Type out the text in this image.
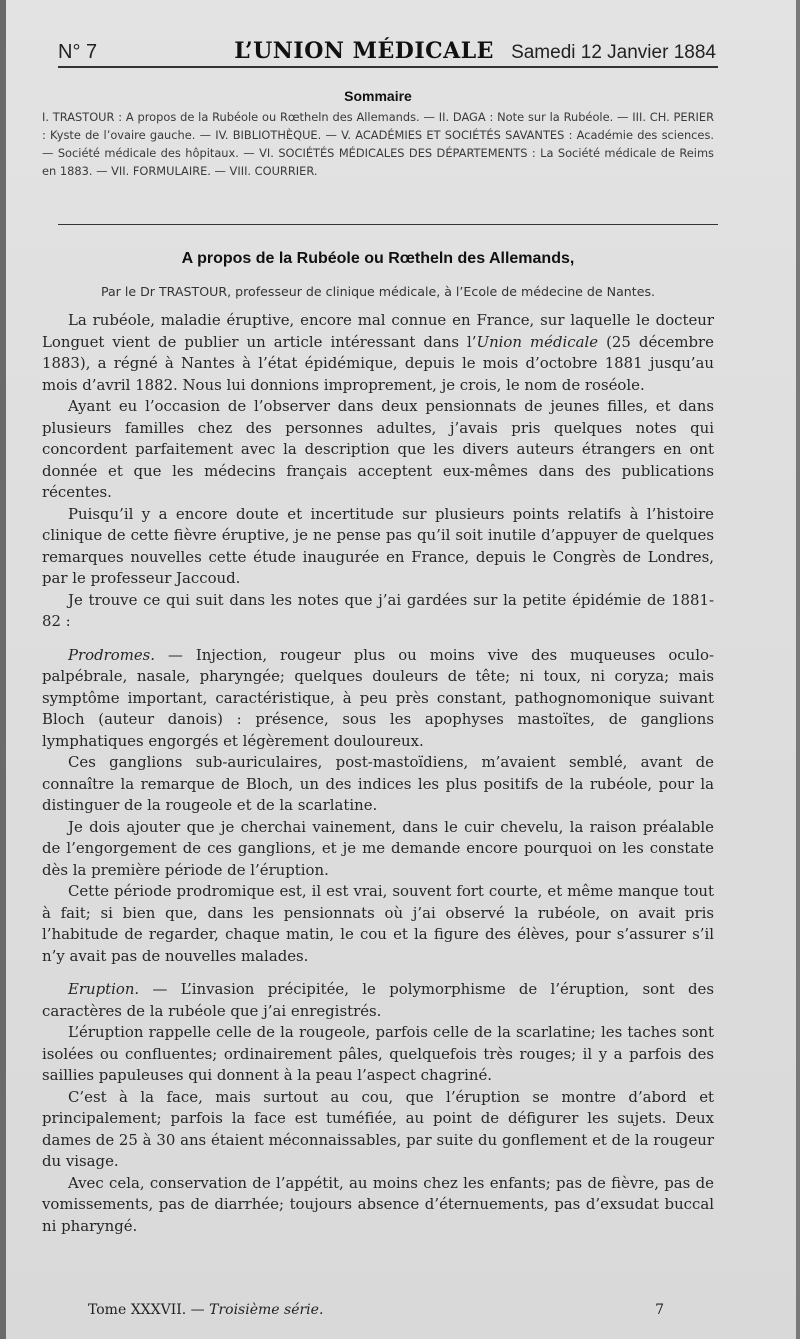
N° 7	L’UNION MÉDICALE Samedi 12 Janvier 1884
Sommaire

I. TRASTOUR : A propos de la Rubéole ou Rœtheln des Allemands. — II. DAGA : Note sur la Rubéole. — III. CH. PERIER : Kyste de l’ovaire gauche. — IV. BIBLIOTHÈQUE. — V. ACADÉMIES ET SOCIÉTÉS SAVANTES : Académie des sciences. — Société médicale des hôpitaux. — VI. SOCIÉTÉS MÉDICALES DES DÉPARTEMENTS : La Société médicale de Reims en 1883. — VII. FORMULAIRE. — VIII. COURRIER.

A propos de la Rubéole ou Rœtheln des Allemands,

Par le Dr TRASTOUR, professeur de clinique médicale, à l’Ecole de médecine de Nantes.

La rubéole, maladie éruptive, encore mal connue en France, sur laquelle le docteur Longuet vient de publier un article intéressant dans l’Union médicale (25 décembre 1883), a régné à Nantes à l’état épidémique, depuis le mois d’octobre 1881 jusqu’au mois d’avril 1882. Nous lui donnions improprement, je crois, le nom de roséole.

Ayant eu l’occasion de l’observer dans deux pensionnats de jeunes filles, et dans plusieurs familles chez des personnes adultes, j’avais pris quelques notes qui concordent parfaitement avec la description que les divers auteurs étrangers en ont donnée et que les médecins français acceptent eux-mêmes dans des publications récentes.

Puisqu’il y a encore doute et incertitude sur plusieurs points relatifs à l’histoire clinique de cette fièvre éruptive, je ne pense pas qu’il soit inutile d’appuyer de quelques remarques nouvelles cette étude inaugurée en France, depuis le Congrès de Londres, par le professeur Jaccoud.

Je trouve ce qui suit dans les notes que j’ai gardées sur la petite épidémie de 1881-82 :

Prodromes. — Injection, rougeur plus ou moins vive des muqueuses oculo-palpébrale, nasale, pharyngée; quelques douleurs de tête; ni toux, ni coryza; mais symptôme important, caractéristique, à peu près constant, pathognomonique suivant Bloch (auteur danois) : présence, sous les apophyses mastoïtes, de ganglions lymphatiques engorgés et légèrement douloureux.

Ces ganglions sub-auriculaires, post-mastoïdiens, m’avaient semblé, avant de connaître la remarque de Bloch, un des indices les plus positifs de la rubéole, pour la distinguer de la rougeole et de la scarlatine.

Je dois ajouter que je cherchai vainement, dans le cuir chevelu, la raison préalable de l’engorgement de ces ganglions, et je me demande encore pourquoi on les constate dès la première période de l’éruption.

Cette période prodromique est, il est vrai, souvent fort courte, et même manque tout à fait; si bien que, dans les pensionnats où j’ai observé la rubéole, on avait pris l’habitude de regarder, chaque matin, le cou et la figure des élèves, pour s’assurer s’il n’y avait pas de nouvelles malades.

Eruption. — L’invasion précipitée, le polymorphisme de l’éruption, sont des caractères de la rubéole que j’ai enregistrés.

L’éruption rappelle celle de la rougeole, parfois celle de la scarlatine; les taches sont isolées ou confluentes; ordinairement pâles, quelquefois très rouges; il y a parfois des saillies papuleuses qui donnent à la peau l’aspect chagriné.

C’est à la face, mais surtout au cou, que l’éruption se montre d’abord et principalement; parfois la face est tuméfiée, au point de défigurer les sujets. Deux dames de 25 à 30 ans étaient méconnaissables, par suite du gonflement et de la rougeur du visage.

Avec cela, conservation de l’appétit, au moins chez les enfants; pas de fièvre, pas de vomissements, pas de diarrhée; toujours absence d’éternuements, pas d’exsudat buccal ni pharyngé.

Tome XXXVII. — Troisième série.	7
